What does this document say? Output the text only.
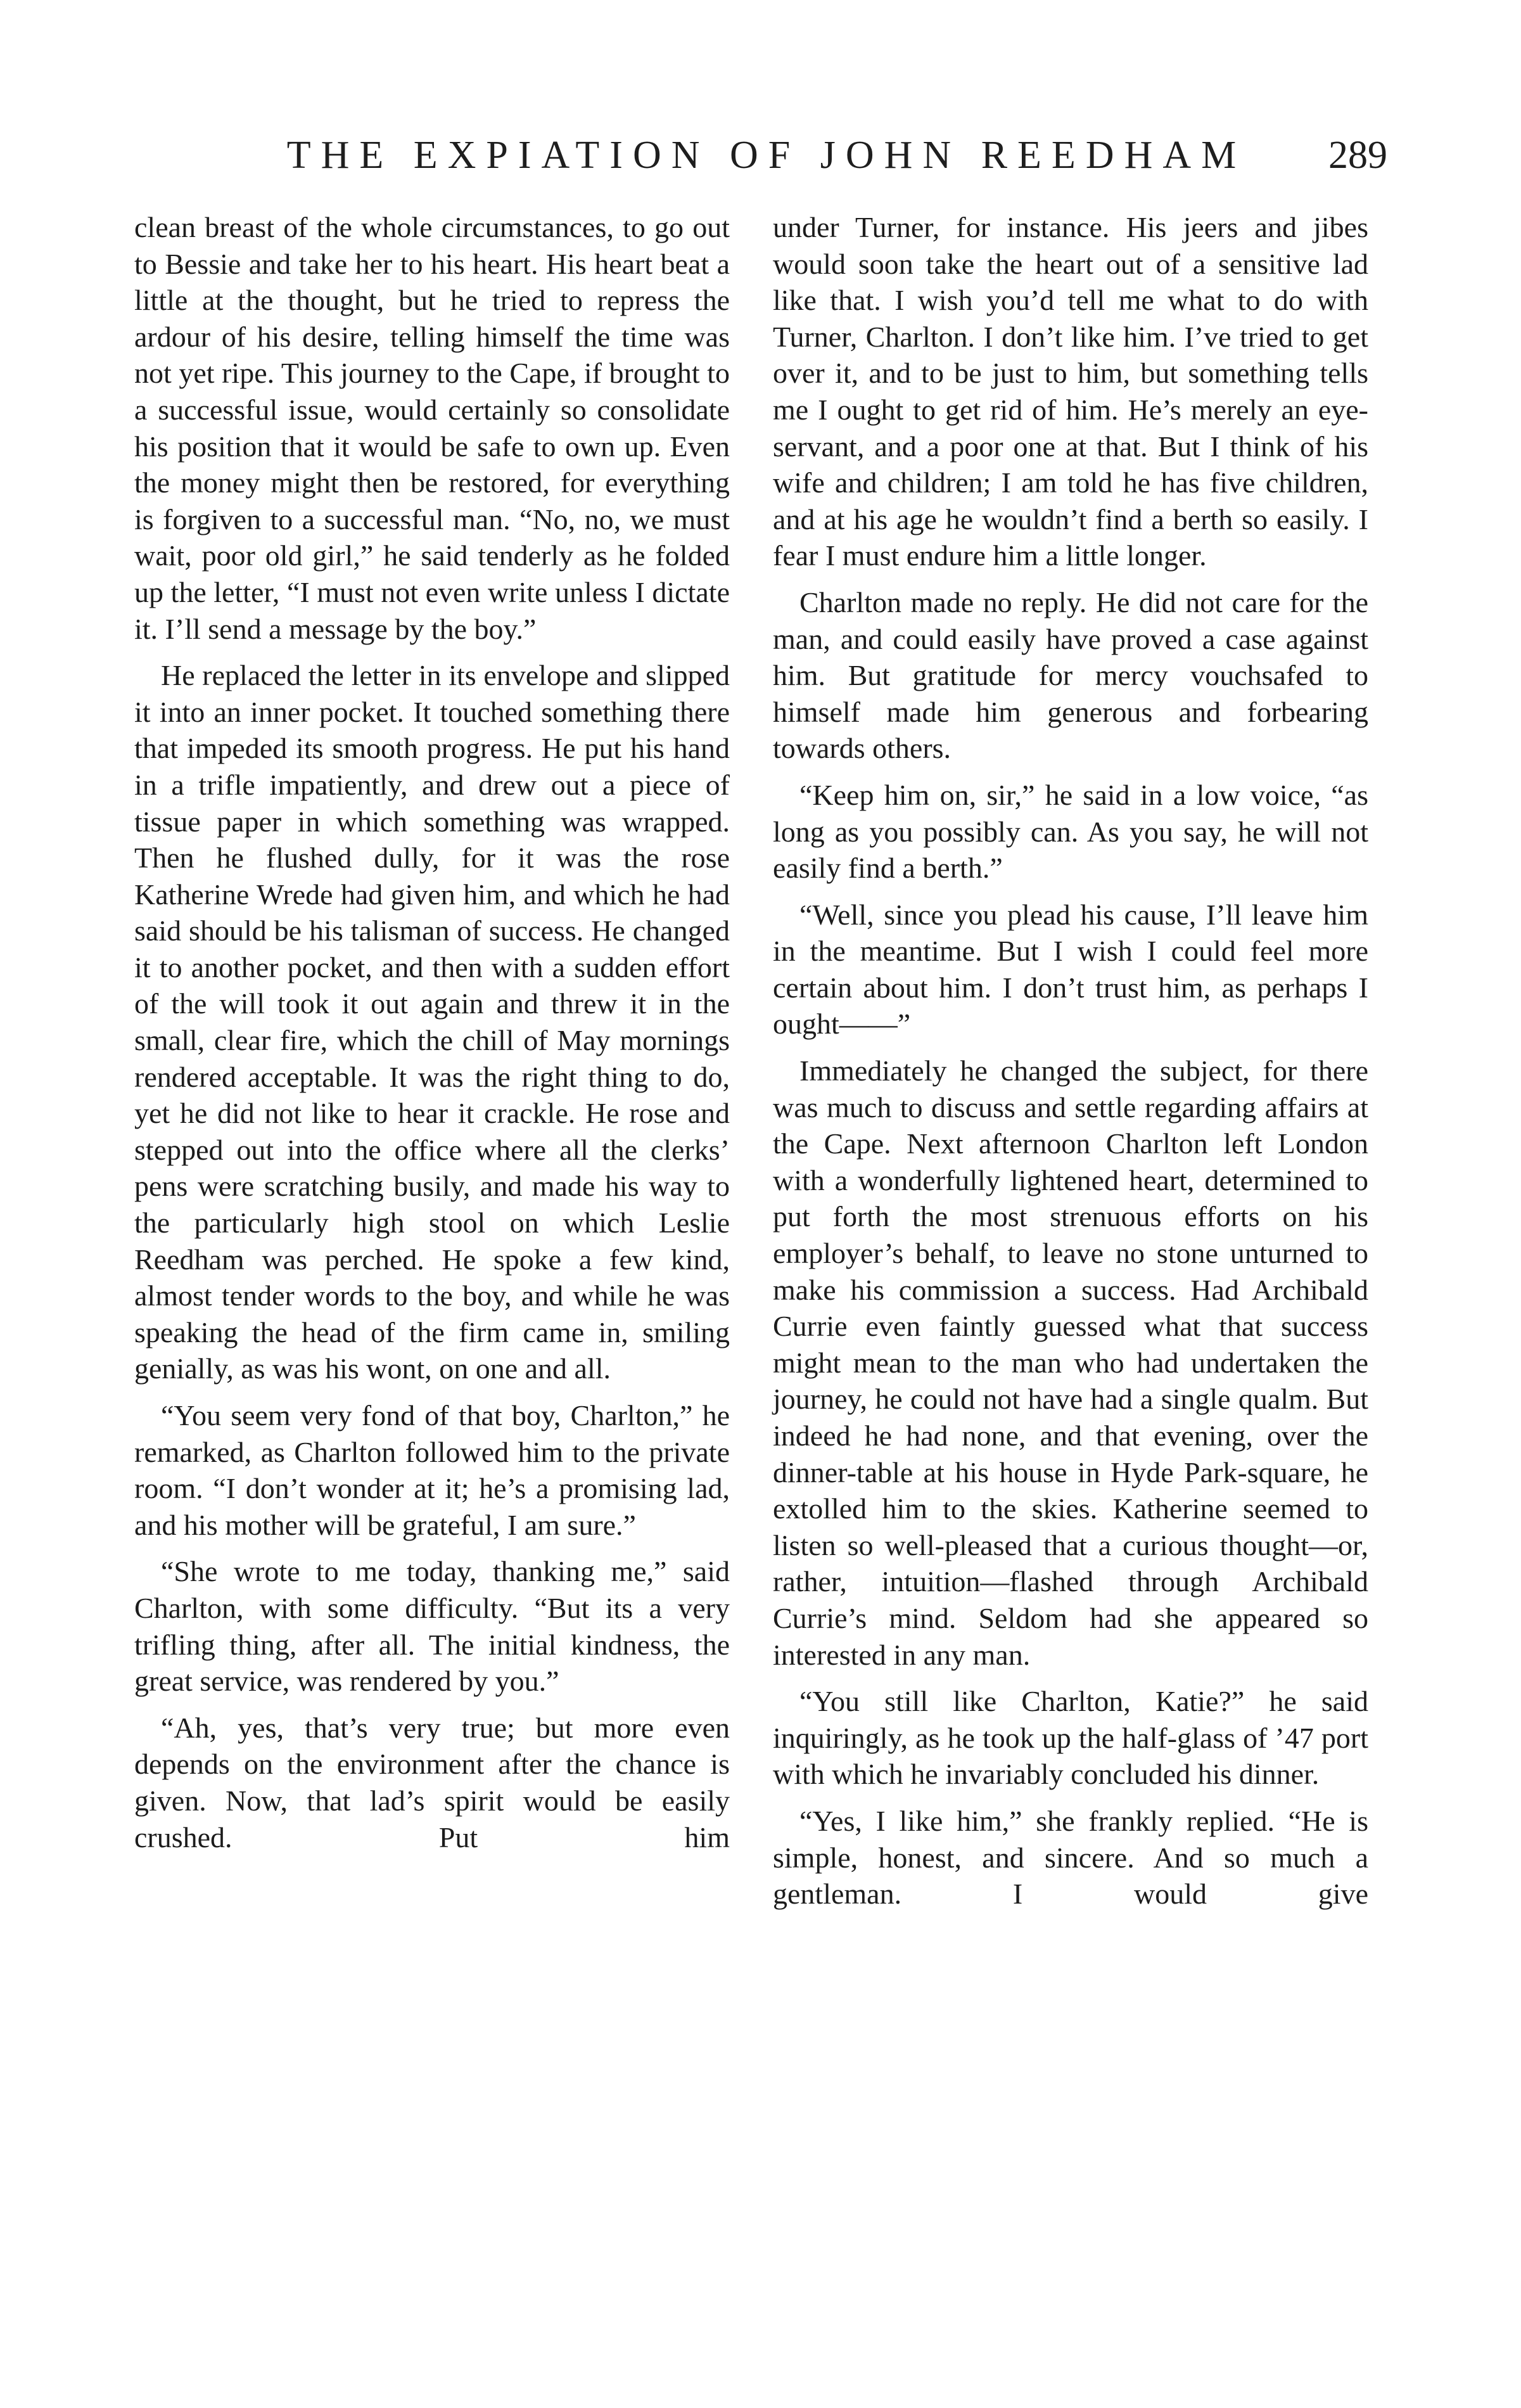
THE EXPIATION OF JOHN REEDHAM	289

clean breast of the whole circumstances, to go out to Bessie and take her to his heart. His heart beat a little at the thought, but he tried to repress the ardour of his desire, telling himself the time was not yet ripe. This journey to the Cape, if brought to a successful issue, would certainly so consolidate his position that it would be safe to own up. Even the money might then be restored, for everything is forgiven to a successful man. “No, no, we must wait, poor old girl,” he said tenderly as he folded up the letter, “I must not even write unless I dictate it. I’ll send a message by the boy.”

He replaced the letter in its envelope and slipped it into an inner pocket. It touched something there that impeded its smooth progress. He put his hand in a trifle impatiently, and drew out a piece of tissue paper in which something was wrapped. Then he flushed dully, for it was the rose Katherine Wrede had given him, and which he had said should be his talisman of success. He changed it to another pocket, and then with a sudden effort of the will took it out again and threw it in the small, clear fire, which the chill of May mornings rendered acceptable. It was the right thing to do, yet he did not like to hear it crackle. He rose and stepped out into the office where all the clerks’ pens were scratching busily, and made his way to the particularly high stool on which Leslie Reedham was perched. He spoke a few kind, almost tender words to the boy, and while he was speaking the head of the firm came in, smiling genially, as was his wont, on one and all.

“You seem very fond of that boy, Charlton,” he remarked, as Charlton followed him to the private room. “I don’t wonder at it; he’s a promising lad, and his mother will be grateful, I am sure.”

“She wrote to me today, thanking me,” said Charlton, with some difficulty. “But its a very trifling thing, after all. The initial kindness, the great service, was rendered by you.”

“Ah, yes, that’s very true; but more even depends on the environment after the chance is given. Now, that lad’s spirit would be easily crushed. Put him

under Turner, for instance. His jeers and jibes would soon take the heart out of a sensitive lad like that. I wish you’d tell me what to do with Turner, Charlton. I don’t like him. I’ve tried to get over it, and to be just to him, but something tells me I ought to get rid of him. He’s merely an eye-servant, and a poor one at that. But I think of his wife and children; I am told he has five children, and at his age he wouldn’t find a berth so easily. I fear I must endure him a little longer.

Charlton made no reply. He did not care for the man, and could easily have proved a case against him. But gratitude for mercy vouchsafed to himself made him generous and forbearing towards others.

“Keep him on, sir,” he said in a low voice, “as long as you possibly can. As you say, he will not easily find a berth.”

“Well, since you plead his cause, I’ll leave him in the meantime. But I wish I could feel more certain about him. I don’t trust him, as perhaps I ought——”

Immediately he changed the subject, for there was much to discuss and settle regarding affairs at the Cape. Next afternoon Charlton left London with a wonderfully lightened heart, determined to put forth the most strenuous efforts on his employer’s behalf, to leave no stone unturned to make his commission a success. Had Archibald Currie even faintly guessed what that success might mean to the man who had undertaken the journey, he could not have had a single qualm. But indeed he had none, and that evening, over the dinner-table at his house in Hyde Park-square, he extolled him to the skies. Katherine seemed to listen so well-pleased that a curious thought—or, rather, intuition—flashed through Archibald Currie’s mind. Seldom had she appeared so interested in any man.

“You still like Charlton, Katie?” he said inquiringly, as he took up the half-glass of ’47 port with which he invariably concluded his dinner.

“Yes, I like him,” she frankly replied. “He is simple, honest, and sincere. And so much a gentleman. I would give
